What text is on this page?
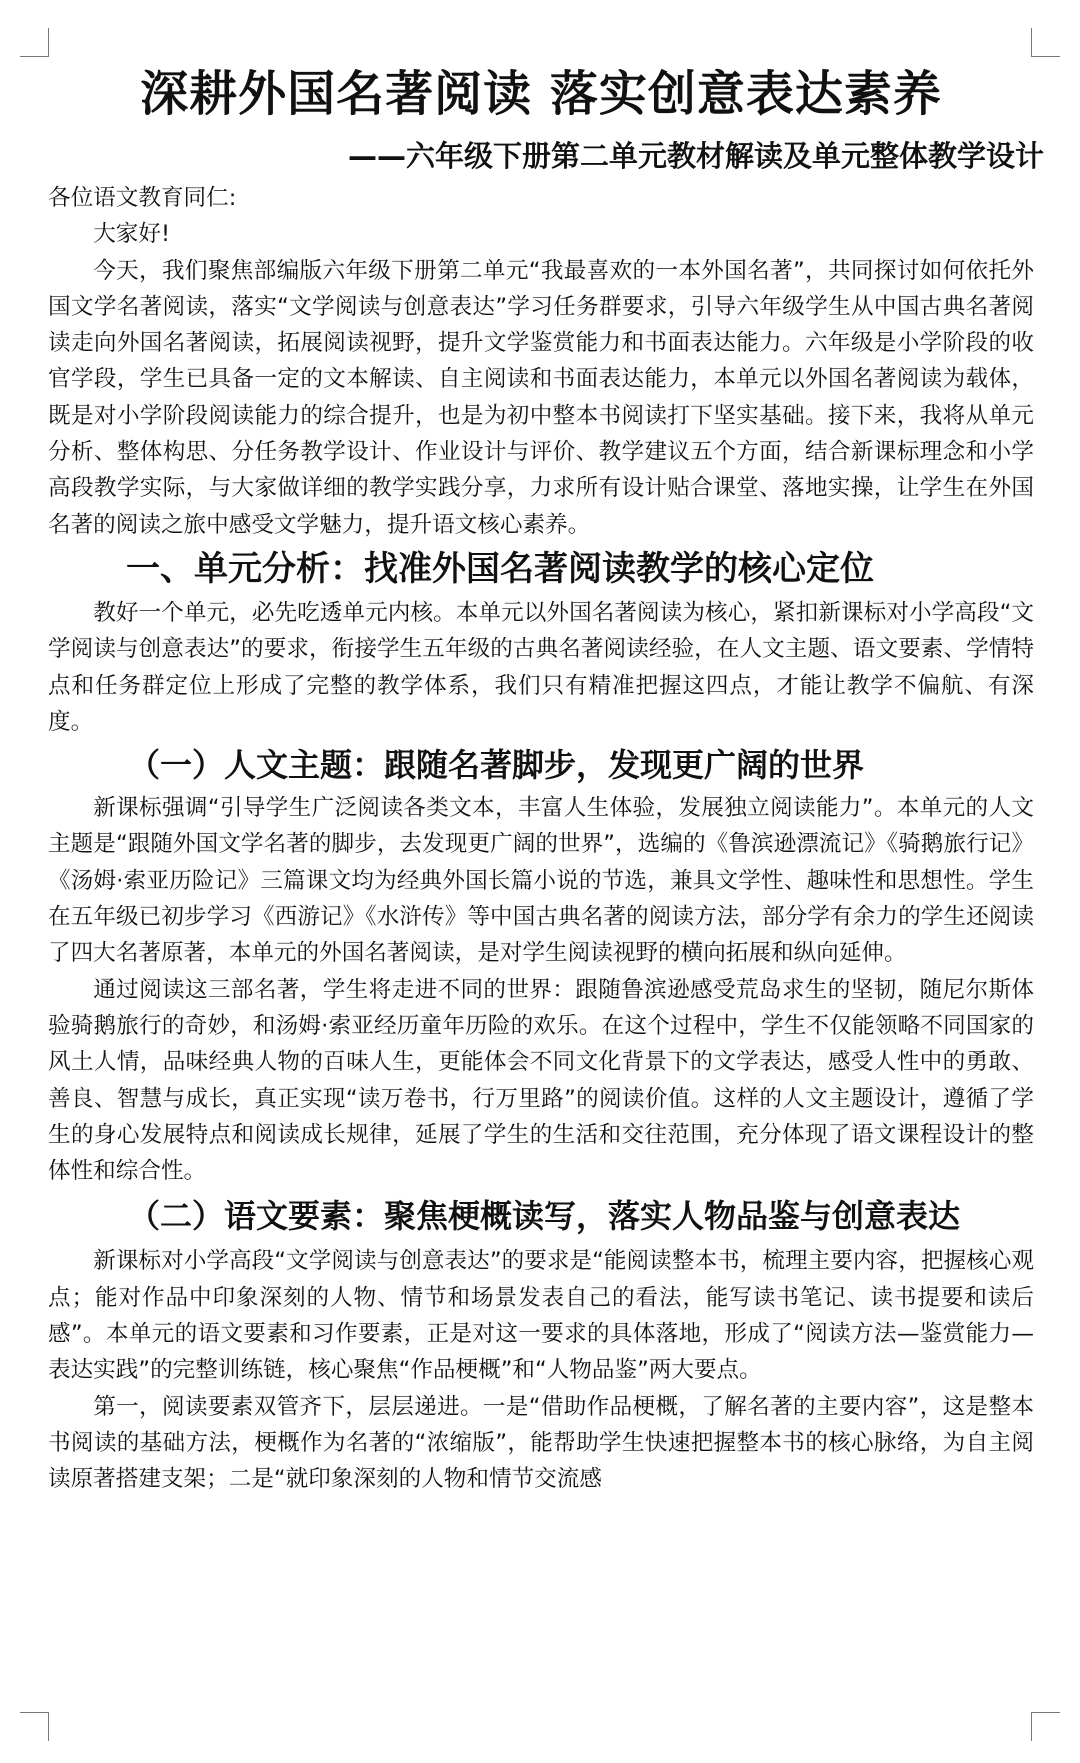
深耕外国名著阅读 落实创意表达素养
——六年级下册第二单元教材解读及单元整体教学设计

各位语文教育同仁:

大家好!

今天，我们聚焦部编版六年级下册第二单元“我最喜欢的一本外国名著”，共同探讨如何依托外国文学名著阅读，落实“文学阅读与创意表达”学习任务群要求，引导六年级学生从中国古典名著阅读走向外国名著阅读，拓展阅读视野，提升文学鉴赏能力和书面表达能力。六年级是小学阶段的收官学段，学生已具备一定的文本解读、自主阅读和书面表达能力，本单元以外国名著阅读为载体，既是对小学阶段阅读能力的综合提升，也是为初中整本书阅读打下坚实基础。接下来，我将从单元分析、整体构思、分任务教学设计、作业设计与评价、教学建议五个方面，结合新课标理念和小学高段教学实际，与大家做详细的教学实践分享，力求所有设计贴合课堂、落地实操，让学生在外国名著的阅读之旅中感受文学魅力，提升语文核心素养。

一、单元分析：找准外国名著阅读教学的核心定位

教好一个单元，必先吃透单元内核。本单元以外国名著阅读为核心，紧扣新课标对小学高段“文学阅读与创意表达”的要求，衔接学生五年级的古典名著阅读经验，在人文主题、语文要素、学情特点和任务群定位上形成了完整的教学体系，我们只有精准把握这四点，才能让教学不偏航、有深度。

（一）人文主题：跟随名著脚步，发现更广阔的世界

新课标强调“引导学生广泛阅读各类文本，丰富人生体验，发展独立阅读能力”。本单元的人文主题是“跟随外国文学名著的脚步，去发现更广阔的世界”，选编的《鲁滨逊漂流记》《骑鹅旅行记》《汤姆·索亚历险记》三篇课文均为经典外国长篇小说的节选，兼具文学性、趣味性和思想性。学生在五年级已初步学习《西游记》《水浒传》等中国古典名著的阅读方法，部分学有余力的学生还阅读了四大名著原著，本单元的外国名著阅读，是对学生阅读视野的横向拓展和纵向延伸。

通过阅读这三部名著，学生将走进不同的世界：跟随鲁滨逊感受荒岛求生的坚韧，随尼尔斯体验骑鹅旅行的奇妙，和汤姆·索亚经历童年历险的欢乐。在这个过程中，学生不仅能领略不同国家的风土人情，品味经典人物的百味人生，更能体会不同文化背景下的文学表达，感受人性中的勇敢、善良、智慧与成长，真正实现“读万卷书，行万里路”的阅读价值。这样的人文主题设计，遵循了学生的身心发展特点和阅读成长规律，延展了学生的生活和交往范围，充分体现了语文课程设计的整体性和综合性。

（二）语文要素：聚焦梗概读写，落实人物品鉴与创意表达

新课标对小学高段“文学阅读与创意表达”的要求是“能阅读整本书，梳理主要内容，把握核心观点；能对作品中印象深刻的人物、情节和场景发表自己的看法，能写读书笔记、读书提要和读后感”。本单元的语文要素和习作要素，正是对这一要求的具体落地，形成了“阅读方法—鉴赏能力—表达实践”的完整训练链，核心聚焦“作品梗概”和“人物品鉴”两大要点。

第一，阅读要素双管齐下，层层递进。一是“借助作品梗概，了解名著的主要内容”，这是整本书阅读的基础方法，梗概作为名著的“浓缩版”，能帮助学生快速把握整本书的核心脉络，为自主阅读原著搭建支架；二是“就印象深刻的人物和情节交流感
